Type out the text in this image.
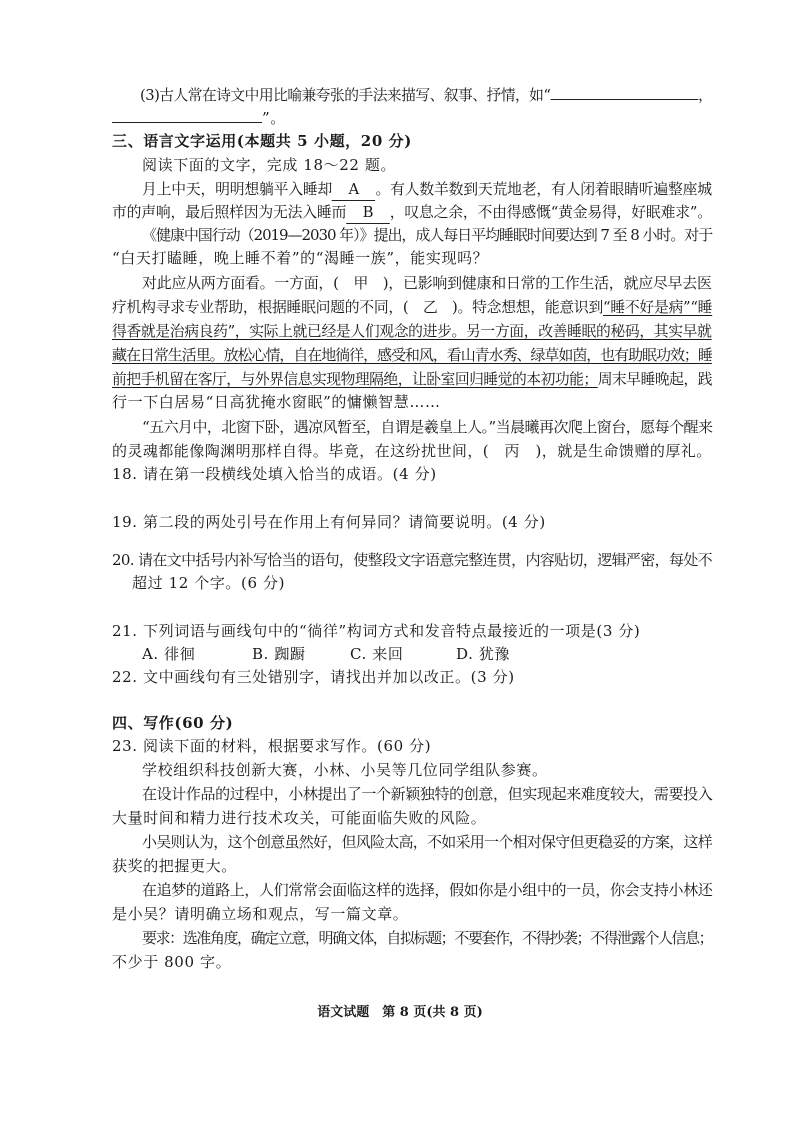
(3)古人常在诗文中用比喻兼夸张的手法来描写、叙事、抒情，如“	，
”。
三、语言文字运用(本题共 5 小题，20 分)
阅读下面的文字，完成 18～22 题。
月上中天，明明想躺平入睡却 A 。有人数羊数到天荒地老，有人闭着眼睛听遍整座城
市的声响，最后照样因为无法入睡而 B ，叹息之余，不由得感慨“黄金易得，好眠难求”。
《健康中国行动（2019—2030 年）》提出，成人每日平均睡眠时间要达到 7 至 8 小时。对于
“白天打瞌睡，晚上睡不着”的“渴睡一族”，能实现吗？
对此应从两方面看。一方面，(　甲　)，已影响到健康和日常的工作生活，就应尽早去医
疗机构寻求专业帮助，根据睡眠问题的不同，(　乙　)。特念想想，能意识到“睡不好是病”“睡
得香就是治病良药”，实际上就已经是人们观念的进步。另一方面，改善睡眠的秘码，其实早就
藏在日常生活里。放松心情，自在地徜徉，感受和风，看山青水秀、绿草如茵，也有助眠功效；睡
前把手机留在客厅，与外界信息实现物理隔绝，让卧室回归睡觉的本初功能；周末早睡晚起，践
行一下白居易“日高犹掩水窗眠”的慵懒智慧……
“五六月中，北窗下卧，遇凉风暂至，自谓是羲皇上人。”当晨曦再次爬上窗台，愿每个醒来
的灵魂都能像陶渊明那样自得。毕竟，在这纷扰世间，(　丙　)，就是生命馈赠的厚礼。
18. 请在第一段横线处填入恰当的成语。(4 分)
19. 第二段的两处引号在作用上有何异同？请简要说明。(4 分)
20. 请在文中括号内补写恰当的语句，使整段文字语意完整连贯，内容贴切，逻辑严密，每处不
超过 12 个字。(6 分)
21. 下列词语与画线句中的“徜徉”构词方式和发音特点最接近的一项是(3 分)
A. 徘徊	B. 踟蹰	C. 来回	D. 犹豫
22. 文中画线句有三处错别字，请找出并加以改正。(3 分)
四、写作(60 分)
23. 阅读下面的材料，根据要求写作。(60 分)
学校组织科技创新大赛，小林、小吴等几位同学组队参赛。
在设计作品的过程中，小林提出了一个新颖独特的创意，但实现起来难度较大，需要投入
大量时间和精力进行技术攻关，可能面临失败的风险。
小吴则认为，这个创意虽然好，但风险太高，不如采用一个相对保守但更稳妥的方案，这样
获奖的把握更大。
在追梦的道路上，人们常常会面临这样的选择，假如你是小组中的一员，你会支持小林还
是小吴？请明确立场和观点，写一篇文章。
要求：选准角度，确定立意，明确文体，自拟标题；不要套作，不得抄袭；不得泄露个人信息；
不少于 800 字。
语文试题　第 8 页(共 8 页)
